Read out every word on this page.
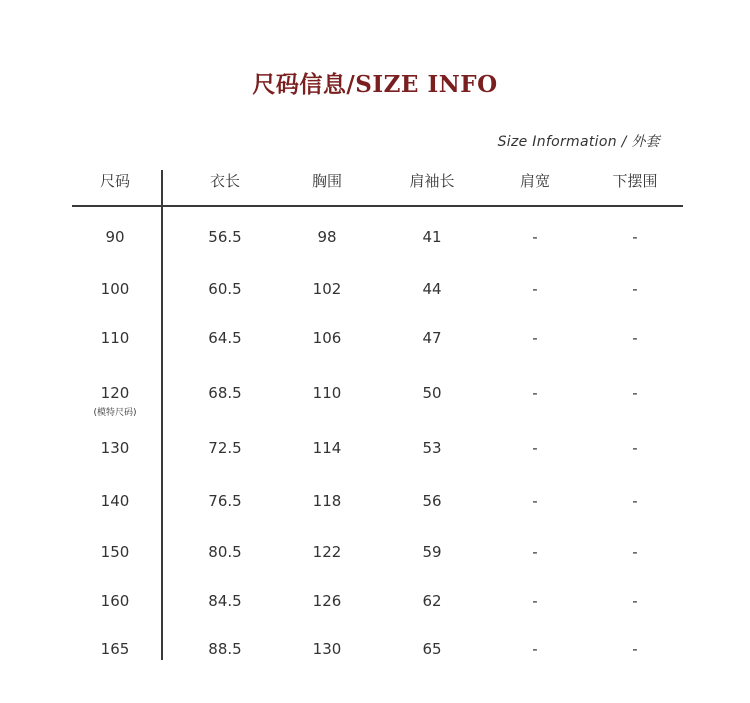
尺码信息/SIZE INFO
Size Information / 外套
尺码	衣长	胸围	肩袖长	肩宽	下摆围
90	56.5	98	41	-	-
100	60.5	102	44	-	-
110	64.5	106	47	-	-
120	68.5	110	50	-	-
(模特尺码)
130	72.5	114	53	-	-
140	76.5	118	56	-	-
150	80.5	122	59	-	-
160	84.5	126	62	-	-
165	88.5	130	65	-	-
